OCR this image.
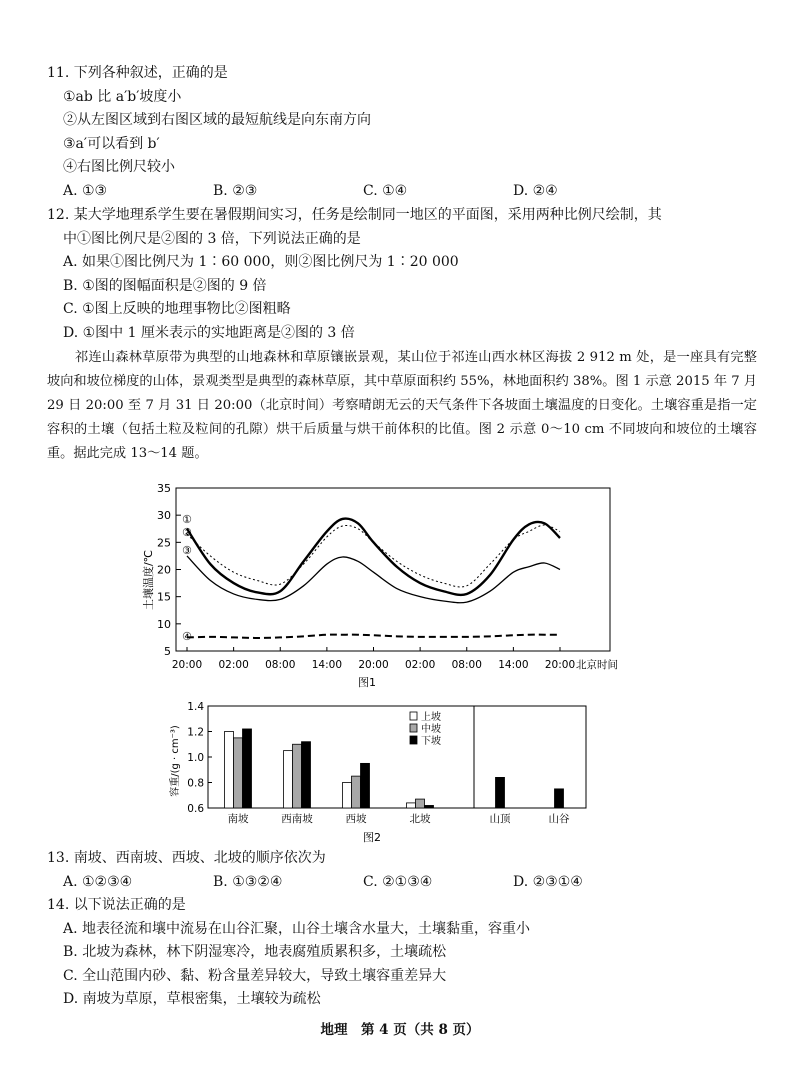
11. 下列各种叙述，正确的是
①ab 比 a′b′坡度小
②从左图区域到右图区域的最短航线是向东南方向
③a′可以看到 b′
④右图比例尺较小
A. ①③	B. ②③	C. ①④	D. ②④
12. 某大学地理系学生要在暑假期间实习，任务是绘制同一地区的平面图，采用两种比例尺绘制，其
中①图比例尺是②图的 3 倍，下列说法正确的是
A. 如果①图比例尺为 1∶60 000，则②图比例尺为 1∶20 000
B. ①图的图幅面积是②图的 9 倍
C. ①图上反映的地理事物比②图粗略
D. ①图中 1 厘米表示的实地距离是②图的 3 倍

祁连山森林草原带为典型的山地森林和草原镶嵌景观，某山位于祁连山西水林区海拔 2 912 m 处，是一座具有完整坡向和坡位梯度的山体，景观类型是典型的森林草原，其中草原面积约 55%，林地面积约 38%。图 1 示意 2015 年 7 月 29 日 20:00 至 7 月 31 日 20:00（北京时间）考察晴朗无云的天气条件下各坡面土壤温度的日变化。土壤容重是指一定容积的土壤（包括土粒及粒间的孔隙）烘干后质量与烘干前体积的比值。图 2 示意 0～10 cm 不同坡向和坡位的土壤容重。据此完成 13～14 题。

5
10
15
20
25
30
35
20:00 02:00 08:00 14:00 20:00 02:00 08:00 14:00 20:00 北京时间
①
②
③
④
土壤温度/℃
图1
0.6
0.8
1.0
1.2
1.4
南坡	西南坡	西坡	北坡	山顶	山谷
上坡
中坡
下坡
容重/(g · cm⁻³)
图2
13. 南坡、西南坡、西坡、北坡的顺序依次为
A. ①②③④	B. ①③②④	C. ②①③④	D. ②③①④
14. 以下说法正确的是
A. 地表径流和壤中流易在山谷汇聚，山谷土壤含水量大，土壤黏重，容重小
B. 北坡为森林，林下阴湿寒冷，地表腐殖质累积多，土壤疏松
C. 全山范围内砂、黏、粉含量差异较大，导致土壤容重差异大
D. 南坡为草原，草根密集，土壤较为疏松
地理　第 4 页（共 8 页）
